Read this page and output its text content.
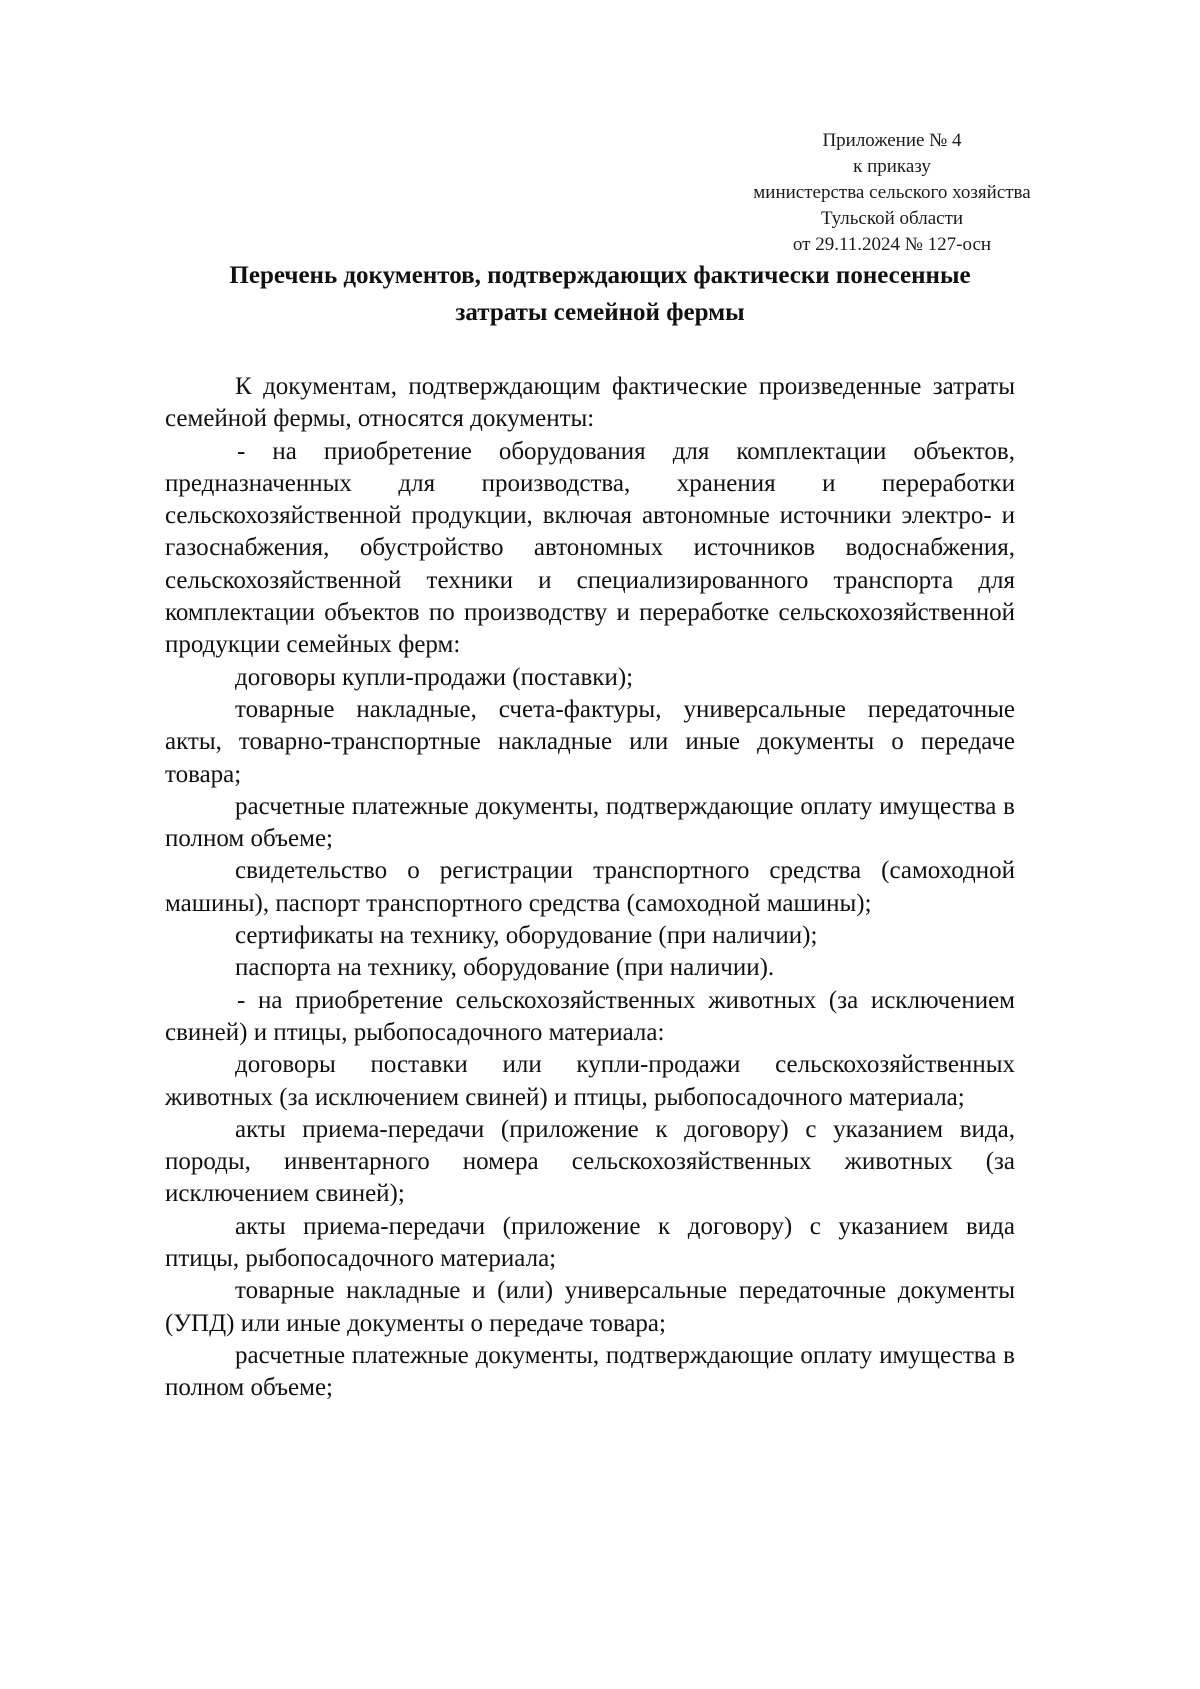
Приложение № 4
к приказу
министерства сельского хозяйства
Тульской области
от 29.11.2024 № 127-осн
Перечень документов, подтверждающих фактически понесенные
затраты семейной фермы

К документам, подтверждающим фактические произведенные затраты семейной фермы, относятся документы:

- на приобретение оборудования для комплектации объектов, предназначенных для производства, хранения и переработки сельскохозяйственной продукции, включая автономные источники электро- и газоснабжения, обустройство автономных источников водоснабжения, сельскохозяйственной техники и специализированного транспорта для комплектации объектов по производству и переработке сельскохозяйственной продукции семейных ферм:

договоры купли-продажи (поставки);

товарные накладные, счета-фактуры, универсальные передаточные акты, товарно-транспортные накладные или иные документы о передаче товара;

расчетные платежные документы, подтверждающие оплату имущества в полном объеме;

свидетельство о регистрации транспортного средства (самоходной машины), паспорт транспортного средства (самоходной машины);

сертификаты на технику, оборудование (при наличии);

паспорта на технику, оборудование (при наличии).

- на приобретение сельскохозяйственных животных (за исключением свиней) и птицы, рыбопосадочного материала:

договоры поставки или купли-продажи сельскохозяйственных животных (за исключением свиней) и птицы, рыбопосадочного материала;

акты приема-передачи (приложение к договору) с указанием вида, породы, инвентарного номера сельскохозяйственных животных (за исключением свиней);

акты приема-передачи (приложение к договору) с указанием вида птицы, рыбопосадочного материала;

товарные накладные и (или) универсальные передаточные документы (УПД) или иные документы о передаче товара;

расчетные платежные документы, подтверждающие оплату имущества в полном объеме;
